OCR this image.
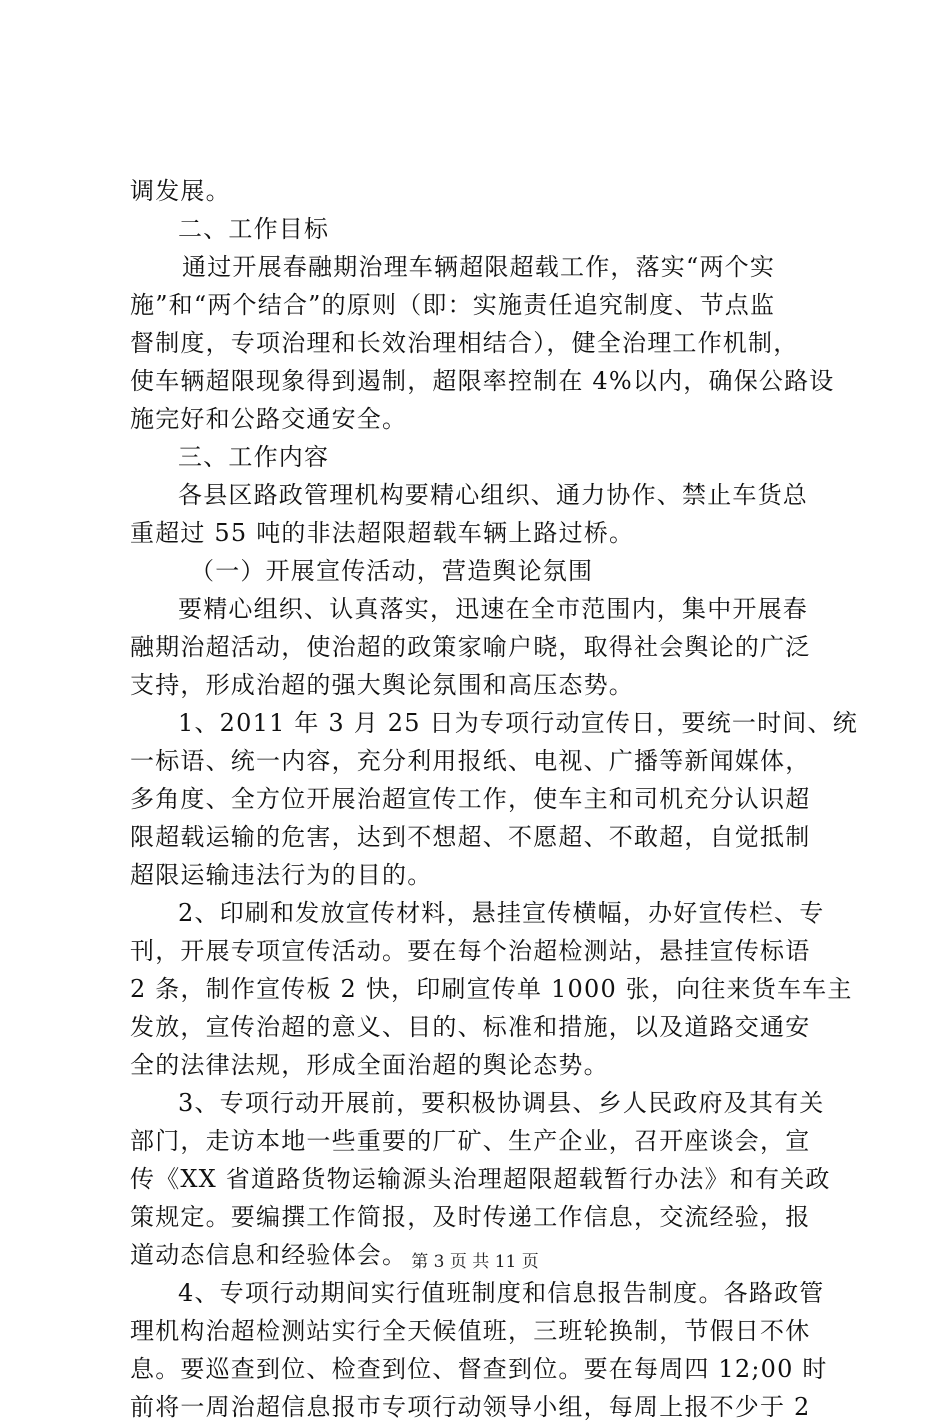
调发展。
二、工作目标
通过开展春融期治理车辆超限超载工作，落实“两个实
施”和“两个结合”的原则（即：实施责任追究制度、节点监
督制度，专项治理和长效治理相结合），健全治理工作机制，
使车辆超限现象得到遏制，超限率控制在 4%以内，确保公路设
施完好和公路交通安全。
三、工作内容
各县区路政管理机构要精心组织、通力协作、禁止车货总
重超过 55 吨的非法超限超载车辆上路过桥。
（一）开展宣传活动，营造舆论氛围
要精心组织、认真落实，迅速在全市范围内，集中开展春
融期治超活动，使治超的政策家喻户晓，取得社会舆论的广泛
支持，形成治超的强大舆论氛围和高压态势。
1、2011 年 3 月 25 日为专项行动宣传日，要统一时间、统
一标语、统一内容，充分利用报纸、电视、广播等新闻媒体，
多角度、全方位开展治超宣传工作，使车主和司机充分认识超
限超载运输的危害，达到不想超、不愿超、不敢超，自觉抵制
超限运输违法行为的目的。
2、印刷和发放宣传材料，悬挂宣传横幅，办好宣传栏、专
刊，开展专项宣传活动。要在每个治超检测站，悬挂宣传标语
2 条，制作宣传板 2 快，印刷宣传单 1000 张，向往来货车车主
发放，宣传治超的意义、目的、标准和措施，以及道路交通安
全的法律法规，形成全面治超的舆论态势。
3、专项行动开展前，要积极协调县、乡人民政府及其有关
部门，走访本地一些重要的厂矿、生产企业，召开座谈会，宣
传《XX 省道路货物运输源头治理超限超载暂行办法》和有关政
策规定。要编撰工作简报，及时传递工作信息，交流经验，报
道动态信息和经验体会。
4、专项行动期间实行值班制度和信息报告制度。各路政管
理机构治超检测站实行全天候值班，三班轮换制，节假日不休
息。要巡查到位、检查到位、督查到位。要在每周四 12;00 时
前将一周治超信息报市专项行动领导小组，每周上报不少于 2
第 3 页 共 11 页
